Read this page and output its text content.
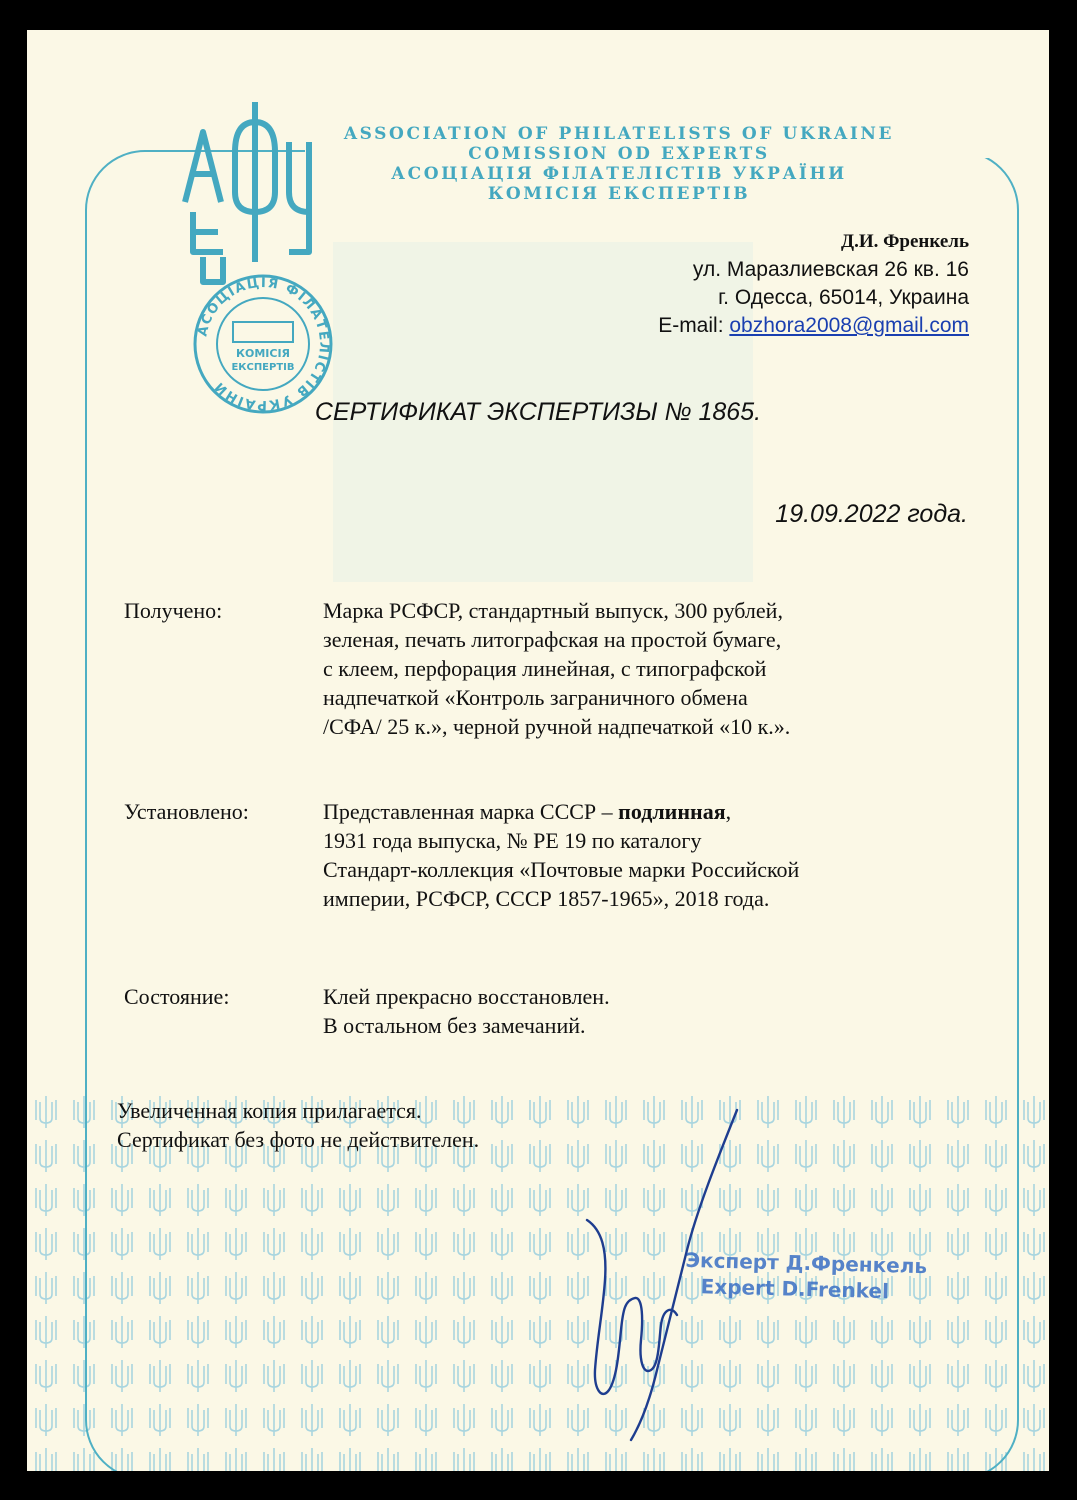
АСОЦІАЦІЯ ФІЛАТЕЛІСТІВ УКРАЇНИ
КОМІСІЯ
ЕКСПЕРТІВ
ASSOCIATION OF PHILATELISTS OF UKRAINE
COMISSION OD EXPERTS
АСОЦІАЦІЯ ФІЛАТЕЛІСТІВ УКРАЇНИ
КОМІСІЯ ЕКСПЕРТІВ
Д.И. Френкель
ул. Маразлиевская 26 кв. 16
г. Одесса, 65014, Украина
E-mail: obzhora2008@gmail.com
СЕРТИФИКАТ ЭКСПЕРТИЗЫ № 1865.
19.09.2022 года.
Получено:	Марка РСФСР, стандартный выпуск, 300 рублей,
зеленая, печать литографская на простой бумаге,
с клеем, перфорация линейная, с типографской
надпечаткой «Контроль заграничного обмена
/СФА/ 25 к.», черной ручной надпечаткой «10 к.».
Установлено:	Представленная марка СССР – подлинная,
1931 года выпуска, № РЕ 19 по каталогу
Стандарт-коллекция «Почтовые марки Российской
империи, РСФСР, СССР 1857-1965», 2018 года.
Состояние:	Клей прекрасно восстановлен.
В остальном без замечаний.
Увеличенная копия прилагается.
Сертификат без фото не действителен.
Эксперт Д.Френкель
Expert D.Frenkel
